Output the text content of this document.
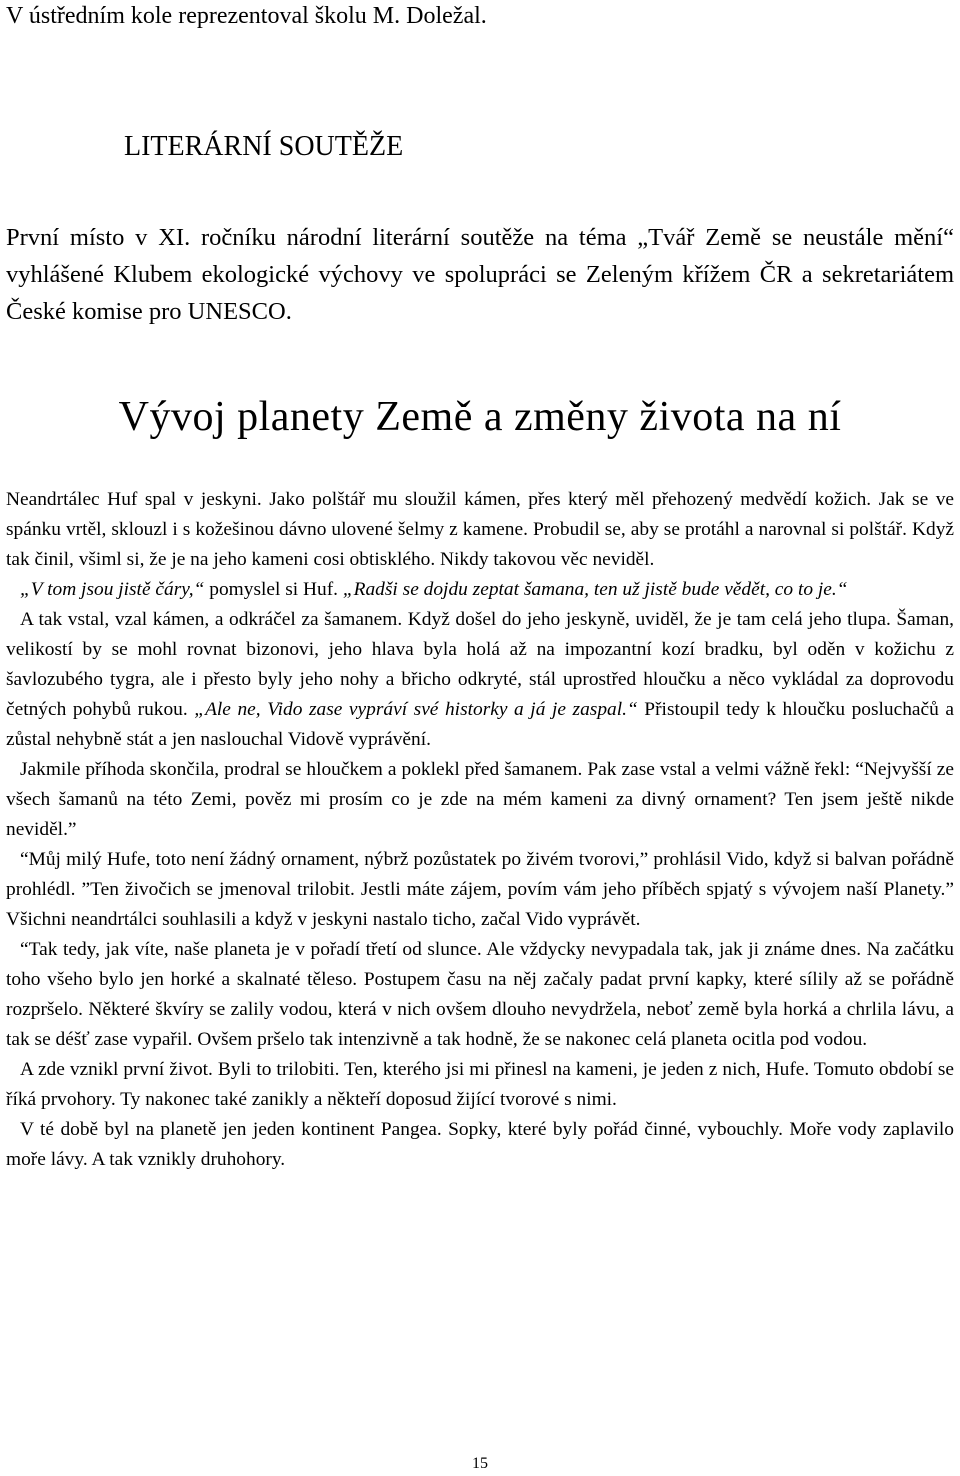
V ústředním kole reprezentoval školu M. Doležal.
LITERÁRNÍ SOUTĚŽE

První místo v XI. ročníku národní literární soutěže na téma „Tvář Země se neustále mění“ vyhlášené Klubem ekologické výchovy ve spolupráci se Zeleným křížem ČR a sekretariátem České komise pro UNESCO.

Vývoj planety Země a změny života na ní

Neandrtálec Huf spal v jeskyni. Jako polštář mu sloužil kámen, přes který měl přehozený medvědí kožich. Jak se ve spánku vrtěl, sklouzl i s kožešinou dávno ulovené šelmy z kamene. Probudil se, aby se protáhl a narovnal si polštář. Když tak činil, všiml si, že je na jeho kameni cosi obtisklého. Nikdy takovou věc neviděl.

„V tom jsou jistě čáry,“ pomyslel si Huf. „Radši se dojdu zeptat šamana, ten už jistě bude vědět, co to je.“

A tak vstal, vzal kámen, a odkráčel za šamanem. Když došel do jeho jeskyně, uviděl, že je tam celá jeho tlupa. Šaman, velikostí by se mohl rovnat bizonovi, jeho hlava byla holá až na impozantní kozí bradku, byl oděn v kožichu z šavlozubého tygra, ale i přesto byly jeho nohy a břicho odkryté, stál uprostřed hloučku a něco vykládal za doprovodu četných pohybů rukou. „Ale ne, Vido zase vypráví své historky a já je zaspal.“ Přistoupil tedy k hloučku posluchačů a zůstal nehybně stát a jen naslouchal Vidově vyprávění.

Jakmile příhoda skončila, prodral se hloučkem a poklekl před šamanem. Pak zase vstal a velmi vážně řekl: “Nejvyšší ze všech šamanů na této Zemi, pověz mi prosím co je zde na mém kameni za divný ornament? Ten jsem ještě nikde neviděl.”

“Můj milý Hufe, toto není žádný ornament, nýbrž pozůstatek po živém tvorovi,” prohlásil Vido, když si balvan pořádně prohlédl. ”Ten živočich se jmenoval trilobit. Jestli máte zájem, povím vám jeho příběch spjatý s vývojem naší Planety.” Všichni neandrtálci souhlasili a když v jeskyni nastalo ticho, začal Vido vyprávět.

“Tak tedy, jak víte, naše planeta je v pořadí třetí od slunce. Ale vždycky nevypadala tak, jak ji známe dnes. Na začátku toho všeho bylo jen horké a skalnaté těleso. Postupem času na něj začaly padat první kapky, které sílily až se pořádně rozpršelo. Některé škvíry se zalily vodou, která v nich ovšem dlouho nevydržela, neboť země byla horká a chrlila lávu, a tak se déšť zase vypařil. Ovšem pršelo tak intenzivně a tak hodně, že se nakonec celá planeta ocitla pod vodou.

A zde vznikl první život. Byli to trilobiti. Ten, kterého jsi mi přinesl na kameni, je jeden z nich, Hufe. Tomuto období se říká prvohory. Ty nakonec také zanikly a někteří doposud žijící tvorové s nimi.

V té době byl na planetě jen jeden kontinent Pangea. Sopky, které byly pořád činné, vybouchly. Moře vody zaplavilo moře lávy. A tak vznikly druhohory.

15
